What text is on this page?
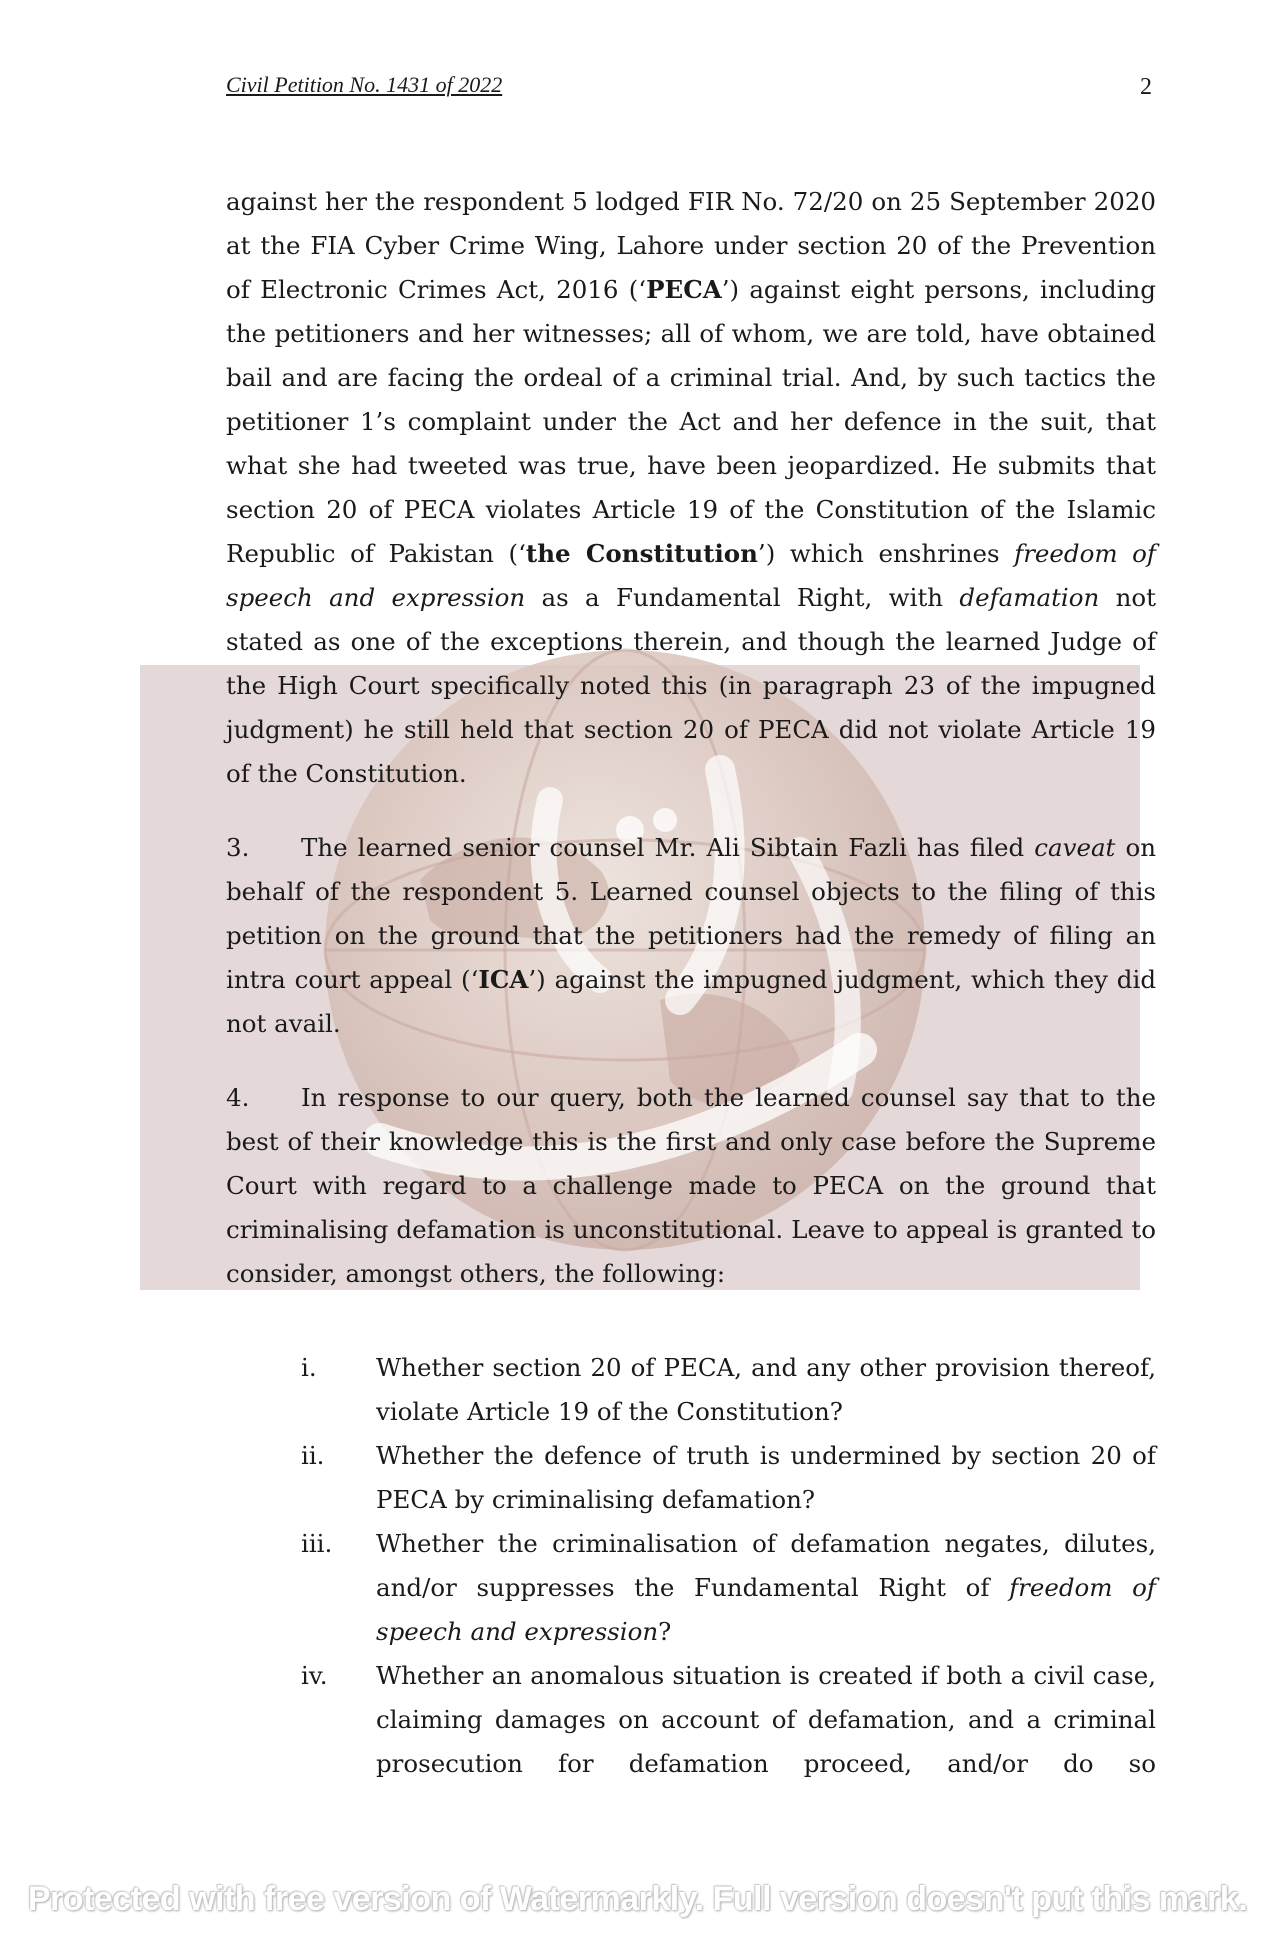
Civil Petition No. 1431 of 2022	2

against her the respondent 5 lodged FIR No. 72/20 on 25 September 2020 at the FIA Cyber Crime Wing, Lahore under section 20 of the Prevention of Electronic Crimes Act, 2016 (‘PECA’) against eight persons, including the petitioners and her witnesses; all of whom, we are told, have obtained bail and are facing the ordeal of a criminal trial. And, by such tactics the petitioner 1’s complaint under the Act and her defence in the suit, that what she had tweeted was true, have been jeopardized. He submits that section 20 of PECA violates Article 19 of the Constitution of the Islamic Republic of Pakistan (‘the Constitution’) which enshrines freedom of speech and expression as a Fundamental Right, with defamation not stated as one of the exceptions therein, and though the learned Judge of the High Court specifically noted this (in paragraph 23 of the impugned judgment) he still held that section 20 of PECA did not violate Article 19 of the Constitution.

3. The learned senior counsel Mr. Ali Sibtain Fazli has filed caveat on behalf of the respondent 5. Learned counsel objects to the filing of this petition on the ground that the petitioners had the remedy of filing an intra court appeal (‘ICA’) against the impugned judgment, which they did not avail.

4. In response to our query, both the learned counsel say that to the best of their knowledge this is the first and only case before the Supreme Court with regard to a challenge made to PECA on the ground that criminalising defamation is unconstitutional. Leave to appeal is granted to consider, amongst others, the following:

i.	Whether section 20 of PECA, and any other provision thereof, violate Article 19 of the Constitution?
ii.	Whether the defence of truth is undermined by section 20 of PECA by criminalising defamation?
iii.	Whether the criminalisation of defamation negates, dilutes, and/or suppresses the Fundamental Right of freedom of speech and expression?
iv.	Whether an anomalous situation is created if both a civil case, claiming damages on account of defamation, and a criminal prosecution for defamation proceed, and/or do so
Protected with free version of Watermarkly. Full version doesn't put this mark.
